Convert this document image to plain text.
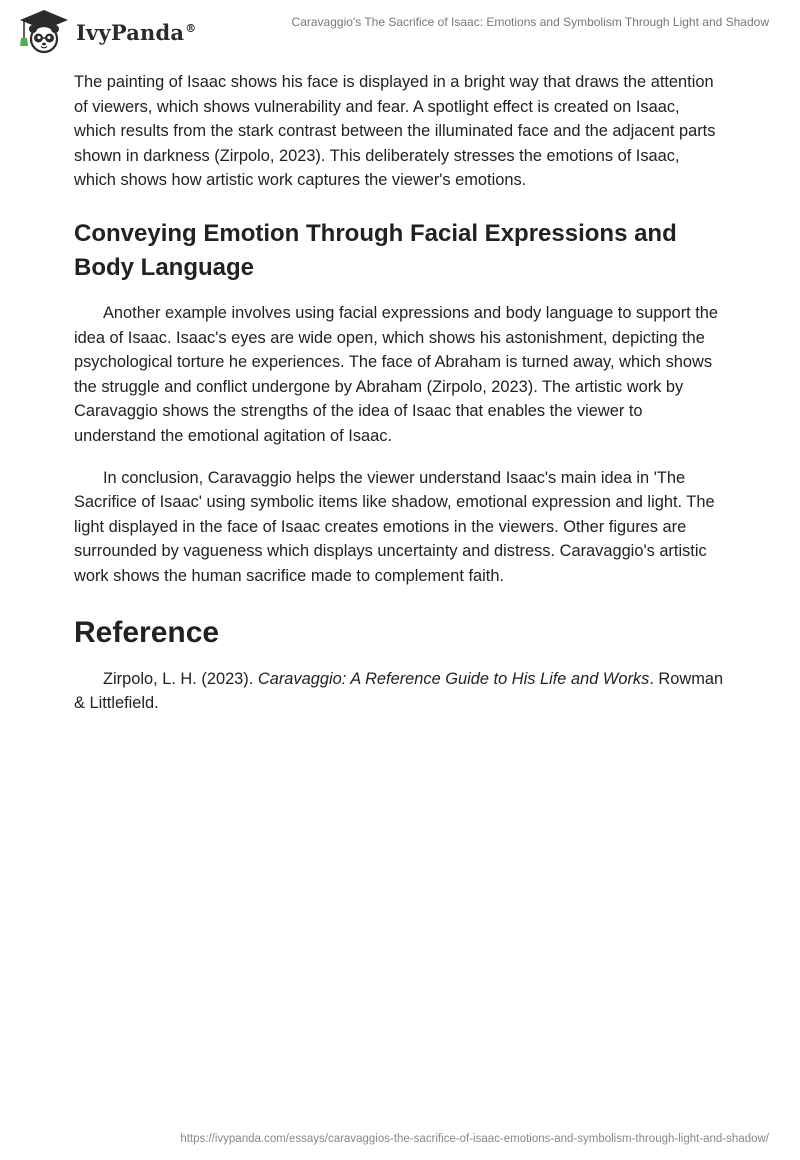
IvyPanda®	Caravaggio's The Sacrifice of Isaac: Emotions and Symbolism Through Light and Shadow

The painting of Isaac shows his face is displayed in a bright way that draws the attention of viewers, which shows vulnerability and fear. A spotlight effect is created on Isaac, which results from the stark contrast between the illuminated face and the adjacent parts shown in darkness (Zirpolo, 2023). This deliberately stresses the emotions of Isaac, which shows how artistic work captures the viewer's emotions.

Conveying Emotion Through Facial Expressions and Body Language

Another example involves using facial expressions and body language to support the idea of Isaac. Isaac's eyes are wide open, which shows his astonishment, depicting the psychological torture he experiences. The face of Abraham is turned away, which shows the struggle and conflict undergone by Abraham (Zirpolo, 2023). The artistic work by Caravaggio shows the strengths of the idea of Isaac that enables the viewer to understand the emotional agitation of Isaac.

In conclusion, Caravaggio helps the viewer understand Isaac's main idea in 'The Sacrifice of Isaac' using symbolic items like shadow, emotional expression and light. The light displayed in the face of Isaac creates emotions in the viewers. Other figures are surrounded by vagueness which displays uncertainty and distress. Caravaggio's artistic work shows the human sacrifice made to complement faith.

Reference

Zirpolo, L. H. (2023). Caravaggio: A Reference Guide to His Life and Works. Rowman & Littlefield.

https://ivypanda.com/essays/caravaggios-the-sacrifice-of-isaac-emotions-and-symbolism-through-light-and-shadow/
